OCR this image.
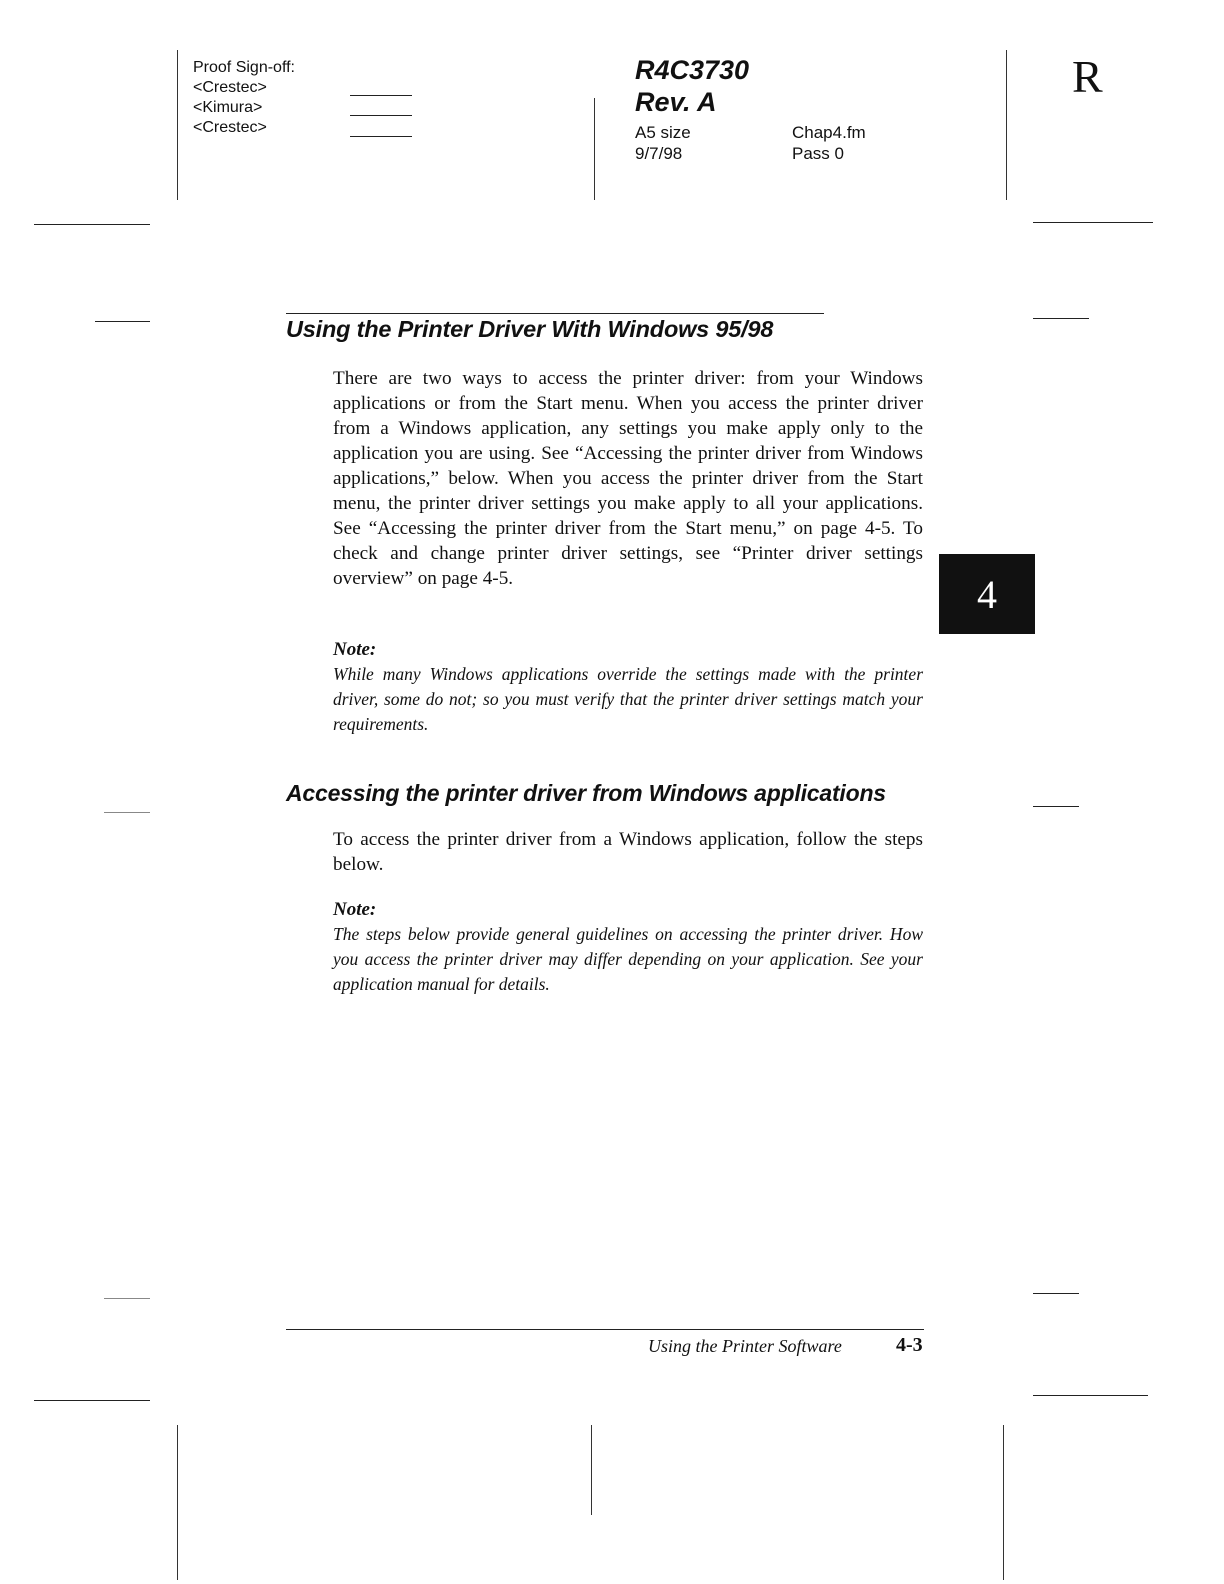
Proof Sign-off:
<Crestec>
<Kimura>
<Crestec>
R4C3730
Rev. A
A5 size	Chap4.fm
9/7/98	Pass 0
R
Using the Printer Driver With Windows 95/98
There are two ways to access the printer driver: from your Windows applications or from the Start menu. When you access the printer driver from a Windows application, any settings you make apply only to the application you are using. See “Accessing the printer driver from Windows applications,” below. When you access the printer driver from the Start menu, the printer driver settings you make apply to all your applications. See “Accessing the printer driver from the Start menu,” on page 4-5. To check and change printer driver settings, see “Printer driver settings overview” on page 4-5.
Note:
While many Windows applications override the settings made with the printer driver, some do not; so you must verify that the printer driver settings match your requirements.
4
Accessing the printer driver from Windows applications
To access the printer driver from a Windows application, follow the steps below.
Note:
The steps below provide general guidelines on accessing the printer driver. How you access the printer driver may differ depending on your application. See your application manual for details.
Using the Printer Software	4-3
